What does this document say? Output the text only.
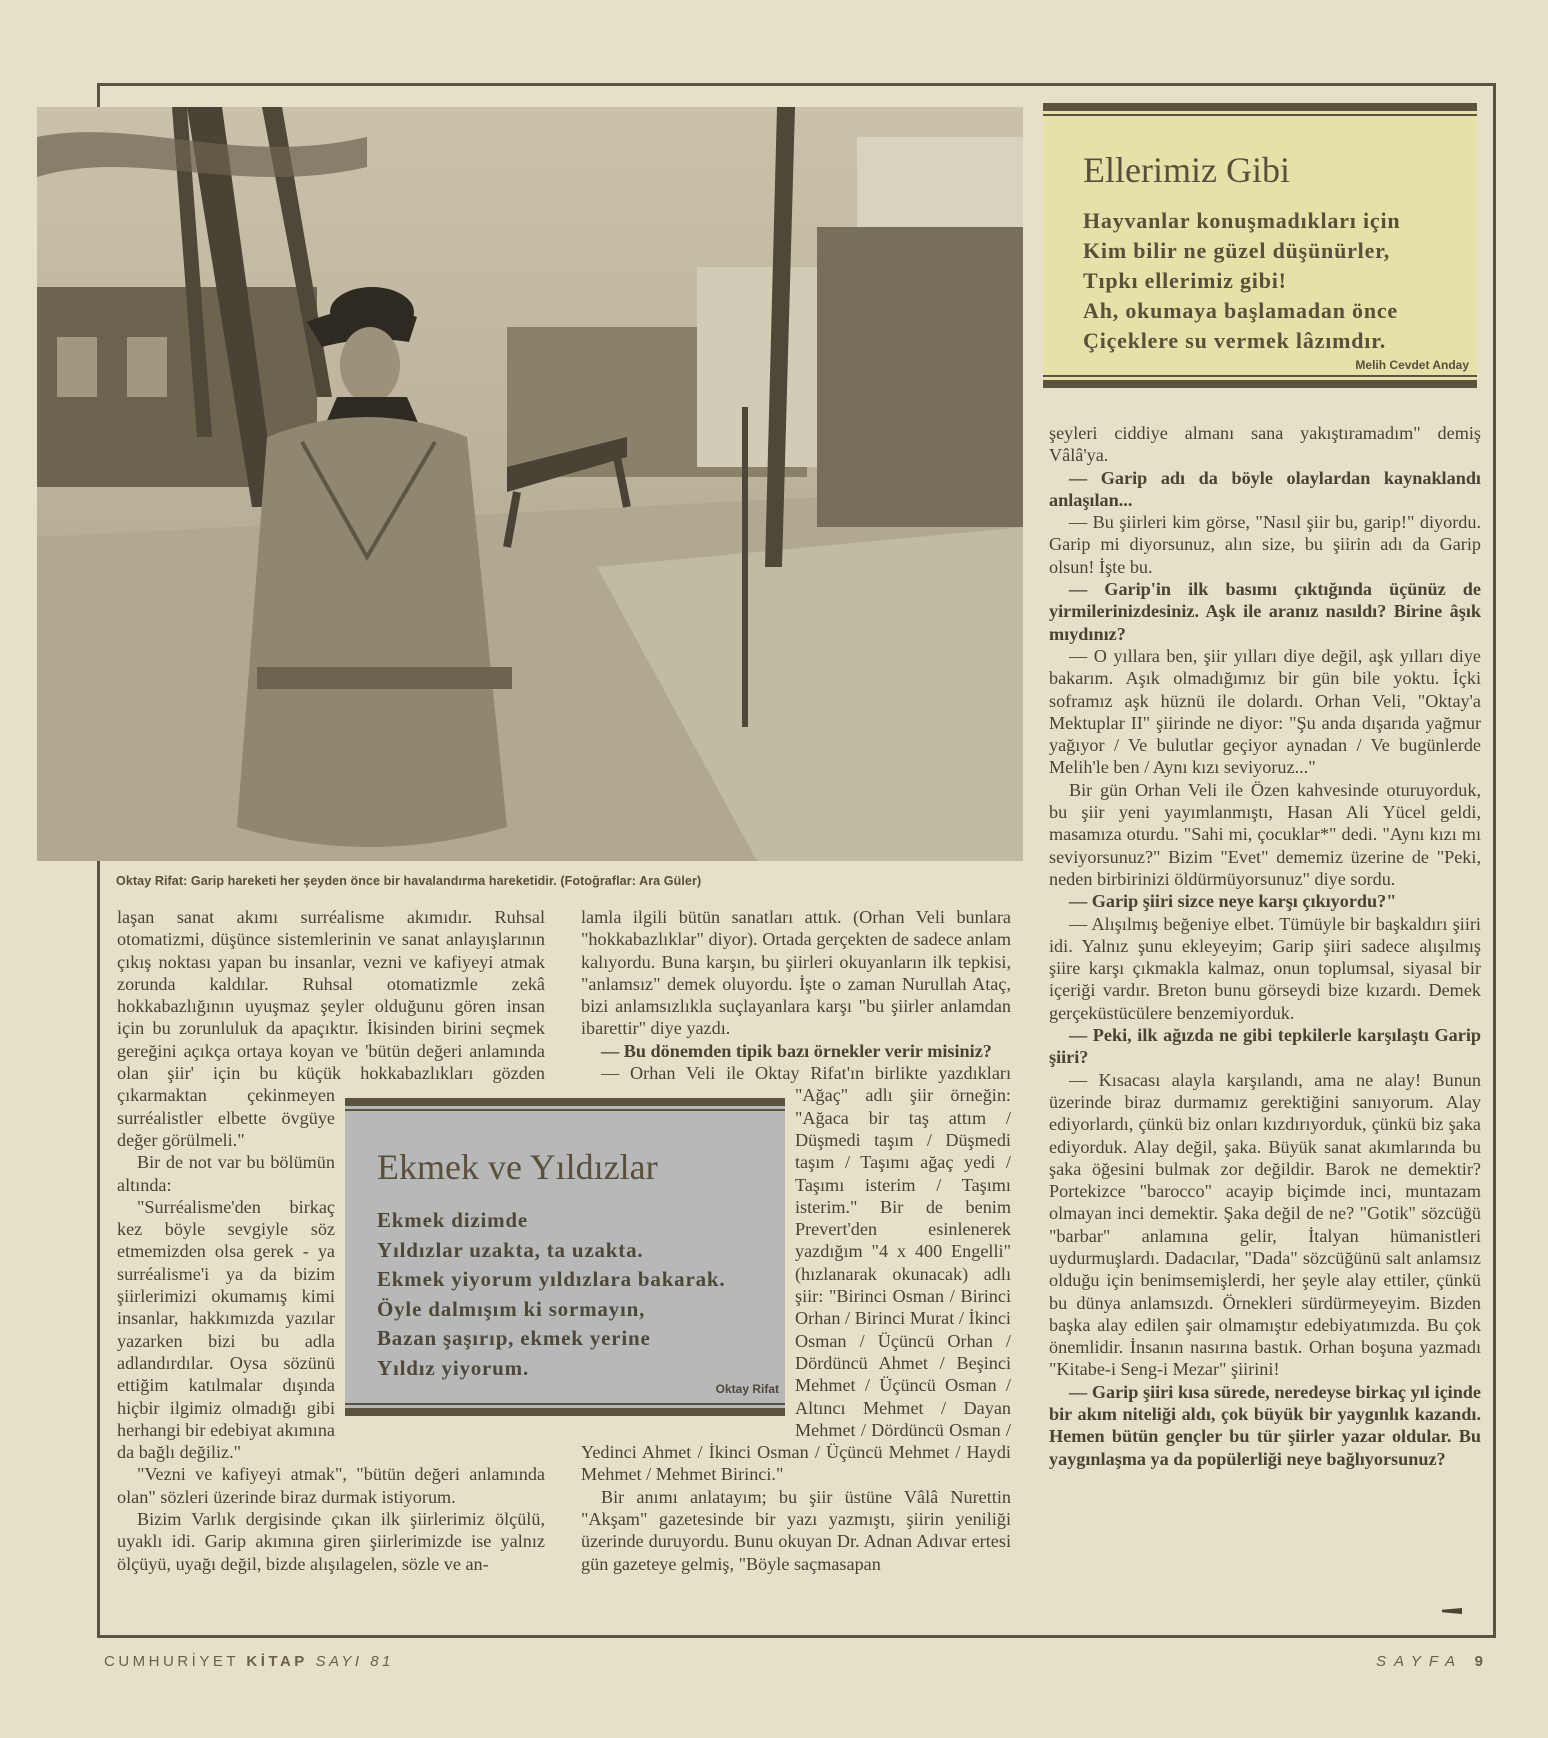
Oktay Rifat: Garip hareketi her şeyden önce bir havalandırma hareketidir. (Fotoğraflar: Ara Güler)
Ellerimiz Gibi
Hayvanlar konuşmadıkları için
Kim bilir ne güzel düşünürler,
Tıpkı ellerimiz gibi!
Ah, okumaya başlamadan önce
Çiçeklere su vermek lâzımdır.
Melih Cevdet Anday

laşan sanat akımı surréalisme akımıdır. Ruhsal otomatizmi, düşünce sistemlerinin ve sanat anlayışlarının çıkış noktası yapan bu insanlar, vezni ve kafiyeyi atmak zorunda kaldılar. Ruhsal otomatizmle zekâ hokkabazlığının uyuşmaz şeyler olduğunu gören insan için bu zorunluluk da apaçıktır. İkisinden birini seçmek gereğini açıkça ortaya koyan ve 'bütün değeri anlamında olan şiir' için bu küçük hokkabazlıkları gözden çıkarmaktan çekinmeyen surréalistler elbette övgüye değer görülmeli."

Bir de not var bu bölümün altında:

"Surréalisme'den birkaç kez böyle sevgiyle söz etmemizden olsa gerek - ya surréalisme'i ya da bizim şiirlerimizi okumamış kimi insanlar, hakkımızda yazılar yazarken bizi bu adla adlandırdılar. Oysa sözünü ettiğim katılmalar dışında hiçbir ilgimiz olmadığı gibi herhangi bir edebiyat akımına da bağlı değiliz."

"Vezni ve kafiyeyi atmak", "bütün değeri anlamında olan" sözleri üzerinde biraz durmak istiyorum.

Bizim Varlık dergisinde çıkan ilk şiirlerimiz ölçülü, uyaklı idi. Garip akımına giren şiirlerimizde ise yalnız ölçüyü, uyağı değil, bizde alışılagelen, sözle ve an-

lamla ilgili bütün sanatları attık. (Orhan Veli bunlara "hokkabazlıklar" diyor). Ortada gerçekten de sadece anlam kalıyordu. Buna karşın, bu şiirleri okuyanların ilk tepkisi, "anlamsız" demek oluyordu. İşte o zaman Nurullah Ataç, bizi anlamsızlıkla suçlayanlara karşı "bu şiirler anlamdan ibarettir" diye yazdı.

— Bu dönemden tipik bazı örnekler verir misiniz?

— Orhan Veli ile Oktay Rifat'ın birlikte yazdıkları "Ağaç" adlı şiir örneğin: "Ağaca bir taş attım / Düşmedi taşım / Düşmedi taşım / Taşımı ağaç yedi / Taşımı isterim / Taşımı isterim." Bir de benim Prevert'den esinlenerek yazdığım "4 x 400 Engelli" (hızlanarak okunacak) adlı şiir: "Birinci Osman / Birinci Orhan / Birinci Murat / İkinci Osman / Üçüncü Orhan / Dördüncü Ahmet / Beşinci Mehmet / Üçüncü Osman / Altıncı Mehmet / Dayan Mehmet / Dördüncü Osman / Yedinci Ahmet / İkinci Osman / Üçüncü Mehmet / Haydi Mehmet / Mehmet Birinci."

Bir anımı anlatayım; bu şiir üstüne Vâlâ Nurettin "Akşam" gazetesinde bir yazı yazmıştı, şiirin yeniliği üzerinde duruyordu. Bunu okuyan Dr. Adnan Adıvar ertesi gün gazeteye gelmiş, "Böyle saçmasapan

Ekmek ve Yıldızlar
Ekmek dizimde
Yıldızlar uzakta, ta uzakta.
Ekmek yiyorum yıldızlara bakarak.
Öyle dalmışım ki sormayın,
Bazan şaşırıp, ekmek yerine
Yıldız yiyorum.
Oktay Rifat

şeyleri ciddiye almanı sana yakıştıramadım" demiş Vâlâ'ya.

— Garip adı da böyle olaylardan kaynaklandı anlaşılan...

— Bu şiirleri kim görse, "Nasıl şiir bu, garip!" diyordu. Garip mi diyorsunuz, alın size, bu şiirin adı da Garip olsun! İşte bu.

— Garip'in ilk basımı çıktığında üçünüz de yirmilerinizdesiniz. Aşk ile aranız nasıldı? Birine âşık mıydınız?

— O yıllara ben, şiir yılları diye değil, aşk yılları diye bakarım. Aşık olmadığımız bir gün bile yoktu. İçki soframız aşk hüznü ile dolardı. Orhan Veli, "Oktay'a Mektuplar II" şiirinde ne diyor: "Şu anda dışarıda yağmur yağıyor / Ve bulutlar geçiyor aynadan / Ve bugünlerde Melih'le ben / Aynı kızı seviyoruz..."

Bir gün Orhan Veli ile Özen kahvesinde oturuyorduk, bu şiir yeni yayımlanmıştı, Hasan Ali Yücel geldi, masamıza oturdu. "Sahi mi, çocuklar*" dedi. "Aynı kızı mı seviyorsunuz?" Bizim "Evet" dememiz üzerine de "Peki, neden birbirinizi öldürmüyorsunuz" diye sordu.

— Garip şiiri sizce neye karşı çıkıyordu?"

— Alışılmış beğeniye elbet. Tümüyle bir başkaldırı şiiri idi. Yalnız şunu ekleyeyim; Garip şiiri sadece alışılmış şiire karşı çıkmakla kalmaz, onun toplumsal, siyasal bir içeriği vardır. Breton bunu görseydi bize kızardı. Demek gerçeküstücülere benzemiyorduk.

— Peki, ilk ağızda ne gibi tepkilerle karşılaştı Garip şiiri?

— Kısacası alayla karşılandı, ama ne alay! Bunun üzerinde biraz durmamız gerektiğini sanıyorum. Alay ediyorlardı, çünkü biz onları kızdırıyorduk, çünkü biz şaka ediyorduk. Alay değil, şaka. Büyük sanat akımlarında bu şaka öğesini bulmak zor değildir. Barok ne demektir? Portekizce "barocco" acayip biçimde inci, muntazam olmayan inci demektir. Şaka değil de ne? "Gotik" sözcüğü "barbar" anlamına gelir, İtalyan hümanistleri uydurmuşlardı. Dadacılar, "Dada" sözcüğünü salt anlamsız olduğu için benimsemişlerdi, her şeyle alay ettiler, çünkü bu dünya anlamsızdı. Örnekleri sürdürmeyeyim. Bizden başka alay edilen şair olmamıştır edebiyatımızda. Bu çok önemlidir. İnsanın nasırına bastık. Orhan boşuna yazmadı "Kitabe-i Seng-i Mezar" şiirini!

— Garip şiiri kısa sürede, neredeyse birkaç yıl içinde bir akım niteliği aldı, çok büyük bir yaygınlık kazandı. Hemen bütün gençler bu tür şiirler yazar oldular. Bu yaygınlaşma ya da popülerliği neye bağlıyorsunuz?

CUMHURİYET KİTAP SAYI 81	SAYFA 9
